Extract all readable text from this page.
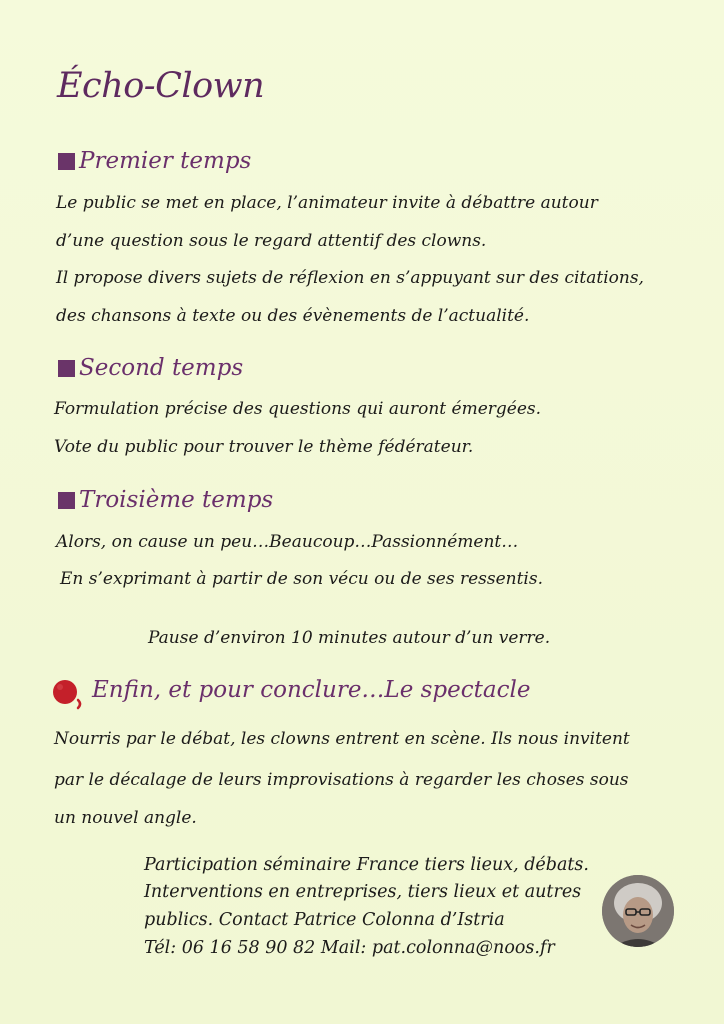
Écho-Clown
Premier temps

Le public se met en place, l’animateur invite à débattre autour

d’une question sous le regard attentif des clowns.

Il propose divers sujets de réflexion en s’appuyant sur des citations,

des chansons à texte ou des évènements de l’actualité.

Second temps

Formulation précise des questions qui auront émergées.

Vote du public pour trouver le thème fédérateur.

Troisième temps

Alors, on cause un peu…Beaucoup…Passionnément…

En s’exprimant à partir de son vécu ou de ses ressentis.

Pause d’environ 10 minutes autour d’un verre.

Enfin, et pour conclure…Le spectacle

Nourris par le débat, les clowns entrent en scène. Ils nous invitent

par le décalage de leurs improvisations à regarder les choses sous

un nouvel angle.

Participation séminaire France tiers lieux, débats.

Interventions en entreprises, tiers lieux et autres

publics. Contact Patrice Colonna d’Istria

Tél: 06 16 58 90 82 Mail: pat.colonna@noos.fr
